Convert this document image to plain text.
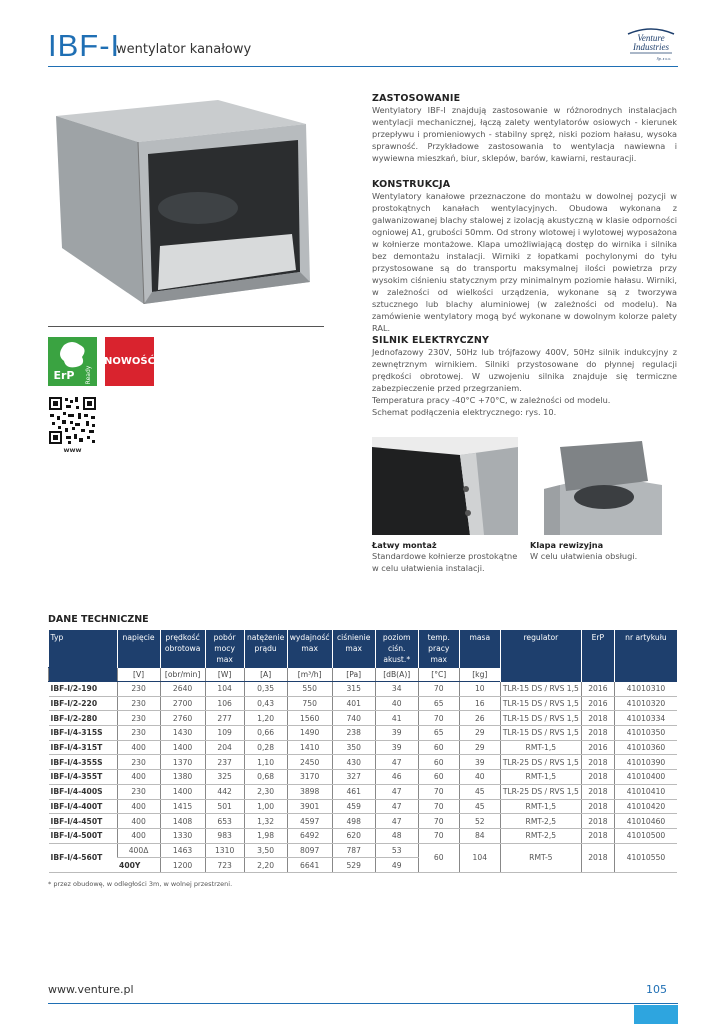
IBF-I
wentylator kanałowy
Venture
Industries
Sp. z o.o.
ErP Ready
NOWOŚĆ
www
ZASTOSOWANIE
Wentylatory IBF-I znajdują zastosowanie w różnorodnych instalacjach wentylacji mechanicznej, łączą zalety wentylatorów osiowych - kierunek przepływu i promieniowych - stabilny spręż, niski poziom hałasu, wysoka sprawność. Przykładowe zastosowania to wentylacja nawiewna i wywiewna mieszkań, biur, sklepów, barów, kawiarni, restauracji.
KONSTRUKCJA
Wentylatory kanałowe przeznaczone do montażu w dowolnej pozycji w prostokątnych kanałach wentylacyjnych. Obudowa wykonana z galwanizowanej blachy stalowej z izolacją akustyczną w klasie odporności ogniowej A1, grubości 50mm. Od strony wlotowej i wylotowej wyposażona w kołnierze montażowe. Klapa umożliwiającą dostęp do wirnika i silnika bez demontażu instalacji. Wirniki z łopatkami pochylonymi do tyłu przystosowane są do transportu maksymalnej ilości powietrza przy wysokim ciśnieniu statycznym przy minimalnym poziomie hałasu. Wirniki, w zależności od wielkości urządzenia, wykonane są z tworzywa sztucznego lub blachy aluminiowej (w zależności od modelu). Na zamówienie wentylatory mogą być wykonane w dowolnym kolorze palety RAL.
SILNIK ELEKTRYCZNY
Jednofazowy 230V, 50Hz lub trójfazowy 400V, 50Hz silnik indukcyjny z zewnętrznym wirnikiem. Silniki przystosowane do płynnej regulacji prędkości obrotowej. W uzwojeniu silnika znajduje się termiczne zabezpieczenie przed przegrzaniem.
Temperatura pracy -40°C +70°C, w zależności od modelu.
Schemat podłączenia elektrycznego: rys. 10.
Łatwy montaż
Standardowe kołnierze prostokątne w celu ułatwienia instalacji.
Klapa rewizyjna
W celu ułatwienia obsługi.
DANE TECHNICZNE
Typ	napięcie	prędkość obrotowa	pobór mocy max	natężenie prądu	wydajność max	ciśnienie max	poziom ciśn. akust.*	temp. pracy max	masa	regulator	ErP	nr artykułu
	[V]	[obr/min]	[W]	[A]	[m³/h]	[Pa]	[dB(A)]	[°C]	[kg]			
IBF-I/2-190	230	2640	104	0,35	550	315	34	70	10	TLR-15 DS / RVS 1,5	2016	41010310
IBF-I/2-220	230	2700	106	0,43	750	401	40	65	16	TLR-15 DS / RVS 1,5	2016	41010320
IBF-I/2-280	230	2760	277	1,20	1560	740	41	70	26	TLR-15 DS / RVS 1,5	2018	41010334
IBF-I/4-315S	230	1430	109	0,66	1490	238	39	65	29	TLR-15 DS / RVS 1,5	2018	41010350
IBF-I/4-315T	400	1400	204	0,28	1410	350	39	60	29	RMT-1,5	2016	41010360
IBF-I/4-355S	230	1370	237	1,10	2450	430	47	60	39	TLR-25 DS / RVS 1,5	2018	41010390
IBF-I/4-355T	400	1380	325	0,68	3170	327	46	60	40	RMT-1,5	2018	41010400
IBF-I/4-400S	230	1400	442	2,30	3898	461	47	70	45	TLR-25 DS / RVS 1,5	2018	41010410
IBF-I/4-400T	400	1415	501	1,00	3901	459	47	70	45	RMT-1,5	2018	41010420
IBF-I/4-450T	400	1408	653	1,32	4597	498	47	70	52	RMT-2,5	2018	41010460
IBF-I/4-500T	400	1330	983	1,98	6492	620	48	70	84	RMT-2,5	2018	41010500
IBF-I/4-560T	400Δ	1463	1310	3,50	8097	787	53	60	104	RMT-5	2018	41010550
	400Y	1200	723	2,20	6641	529	49					
* przez obudowę, w odległości 3m, w wolnej przestrzeni.
www.venture.pl	105
